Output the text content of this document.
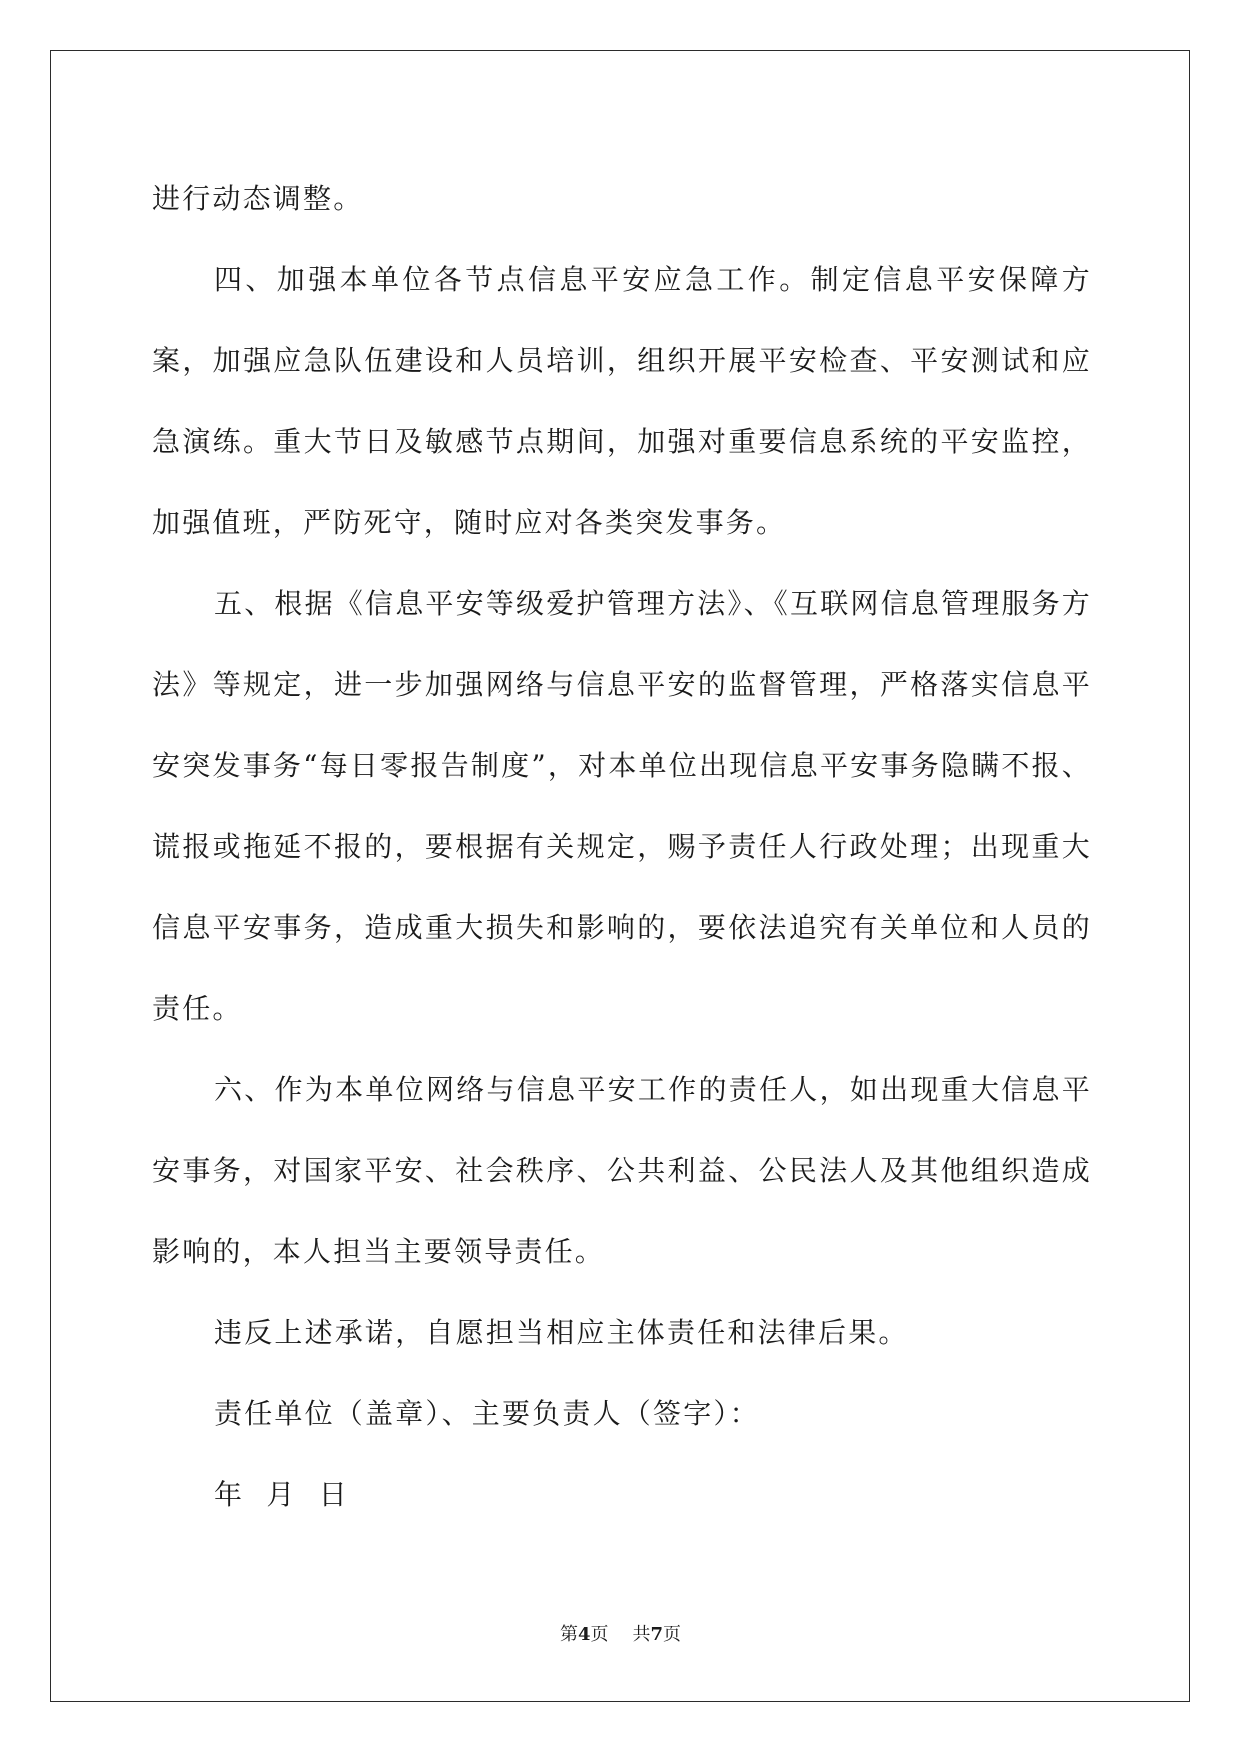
进行动态调整。

四、加强本单位各节点信息平安应急工作。制定信息平安保障方案，加强应急队伍建设和人员培训，组织开展平安检查、平安测试和应急演练。重大节日及敏感节点期间，加强对重要信息系统的平安监控，加强值班，严防死守，随时应对各类突发事务。

五、根据《信息平安等级爱护管理方法》、《互联网信息管理服务方法》等规定，进一步加强网络与信息平安的监督管理，严格落实信息平安突发事务“每日零报告制度”，对本单位出现信息平安事务隐瞒不报、谎报或拖延不报的，要根据有关规定，赐予责任人行政处理；出现重大信息平安事务，造成重大损失和影响的，要依法追究有关单位和人员的责任。

六、作为本单位网络与信息平安工作的责任人，如出现重大信息平安事务，对国家平安、社会秩序、公共利益、公民法人及其他组织造成影响的，本人担当主要领导责任。

违反上述承诺，自愿担当相应主体责任和法律后果。

责任单位（盖章）、主要负责人（签字）：

年  月  日

第4页 共7页
